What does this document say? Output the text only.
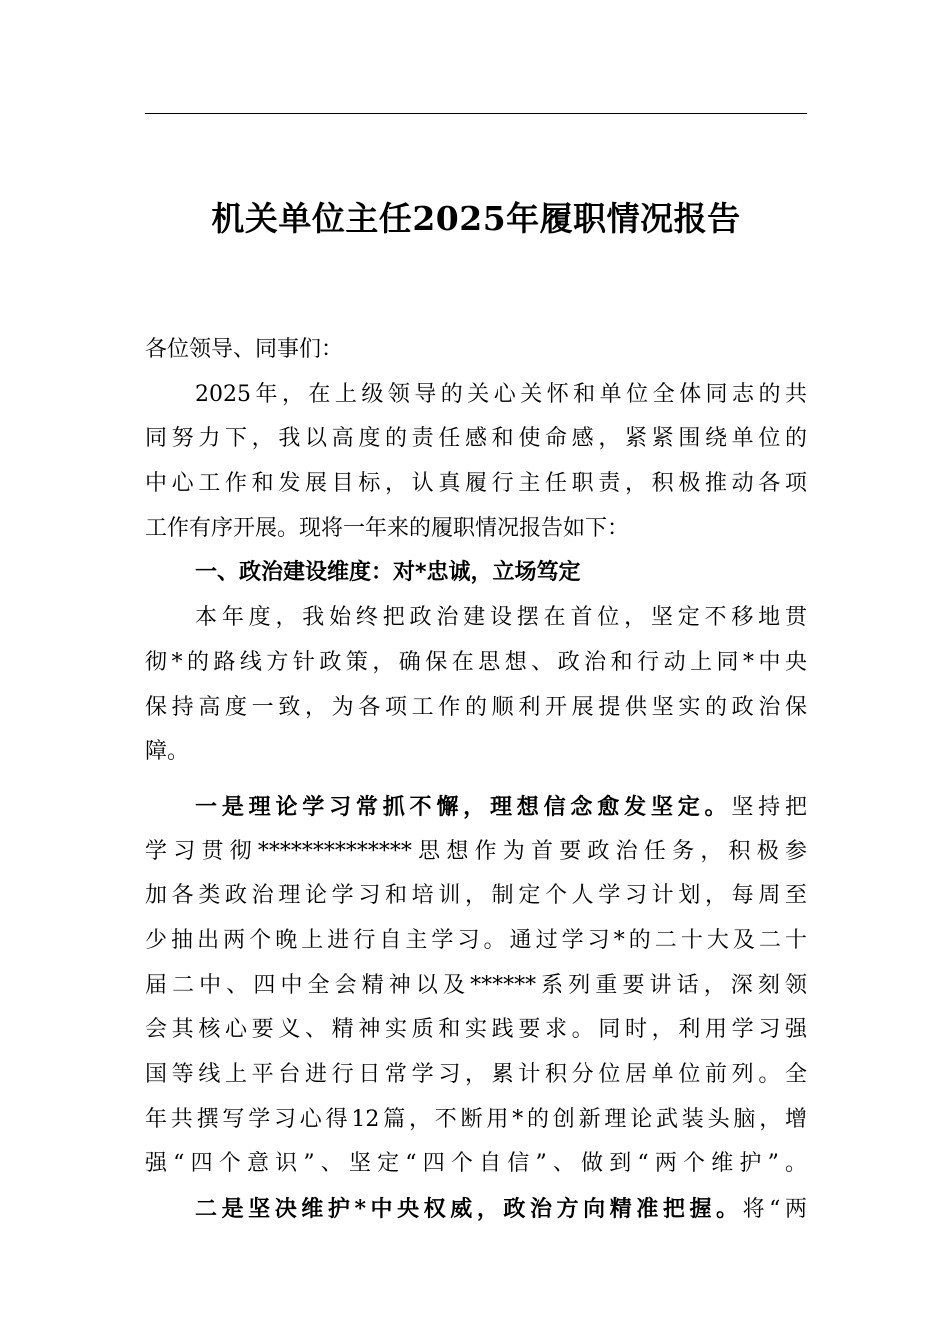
机关单位主任2025年履职情况报告
各位领导、同事们：
2025年，在上级领导的关心关怀和单位全体同志的共
同努力下，我以高度的责任感和使命感，紧紧围绕单位的
中心工作和发展目标，认真履行主任职责，积极推动各项
工作有序开展。现将一年来的履职情况报告如下：
一、政治建设维度：对*忠诚，立场笃定
本年度，我始终把政治建设摆在首位，坚定不移地贯
彻*的路线方针政策，确保在思想、政治和行动上同*中央
保持高度一致，为各项工作的顺利开展提供坚实的政治保
障。
一是理论学习常抓不懈，理想信念愈发坚定。坚持把
学习贯彻**************思想作为首要政治任务，积极参
加各类政治理论学习和培训，制定个人学习计划，每周至
少抽出两个晚上进行自主学习。通过学习*的二十大及二十
届二中、四中全会精神以及******系列重要讲话，深刻领
会其核心要义、精神实质和实践要求。同时，利用学习强
国等线上平台进行日常学习，累计积分位居单位前列。全
年共撰写学习心得12篇，不断用*的创新理论武装头脑，增
强“四个意识”、坚定“四个自信”、做到“两个维护”。
二是坚决维护*中央权威，政治方向精准把握。将“两
